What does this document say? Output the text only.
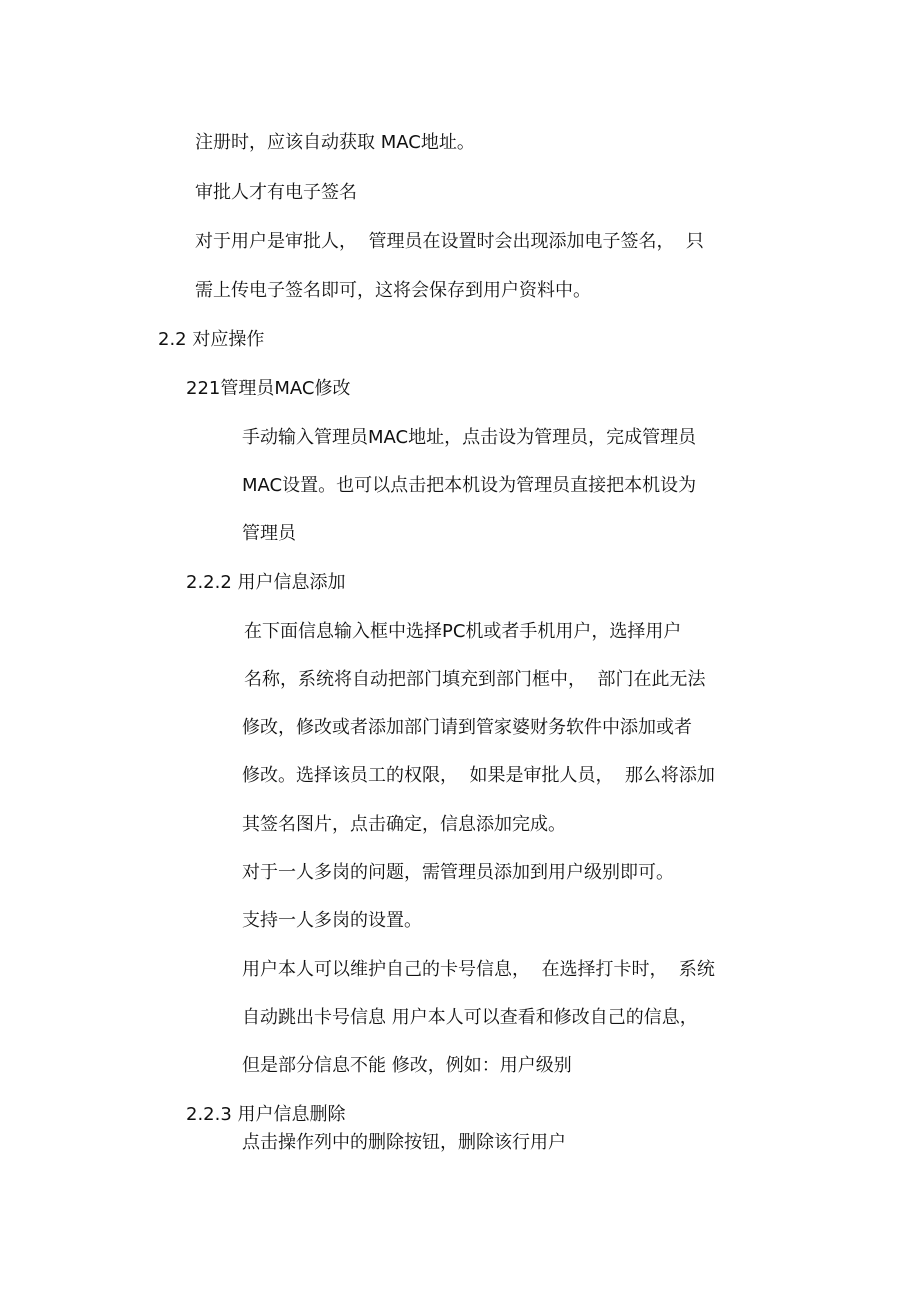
注册时，应该自动获取 MAC地址。
审批人才有电子签名
对于用户是审批人，  管理员在设置时会出现添加电子签名，  只
需上传电子签名即可，这将会保存到用户资料中。
2.2 对应操作
221管理员MAC修改
手动输入管理员MAC地址，点击设为管理员，完成管理员
MAC设置。也可以点击把本机设为管理员直接把本机设为
管理员
2.2.2 用户信息添加
在下面信息输入框中选择PC机或者手机用户，选择用户
名称，系统将自动把部门填充到部门框中，  部门在此无法
修改，修改或者添加部门请到管家婆财务软件中添加或者
修改。选择该员工的权限，  如果是审批人员，  那么将添加
其签名图片，点击确定，信息添加完成。
对于一人多岗的问题，需管理员添加到用户级别即可。
支持一人多岗的设置。
用户本人可以维护自己的卡号信息，  在选择打卡时，  系统
自动跳出卡号信息 用户本人可以查看和修改自己的信息，
但是部分信息不能 修改，例如：用户级别
2.2.3 用户信息删除
点击操作列中的删除按钮，删除该行用户
